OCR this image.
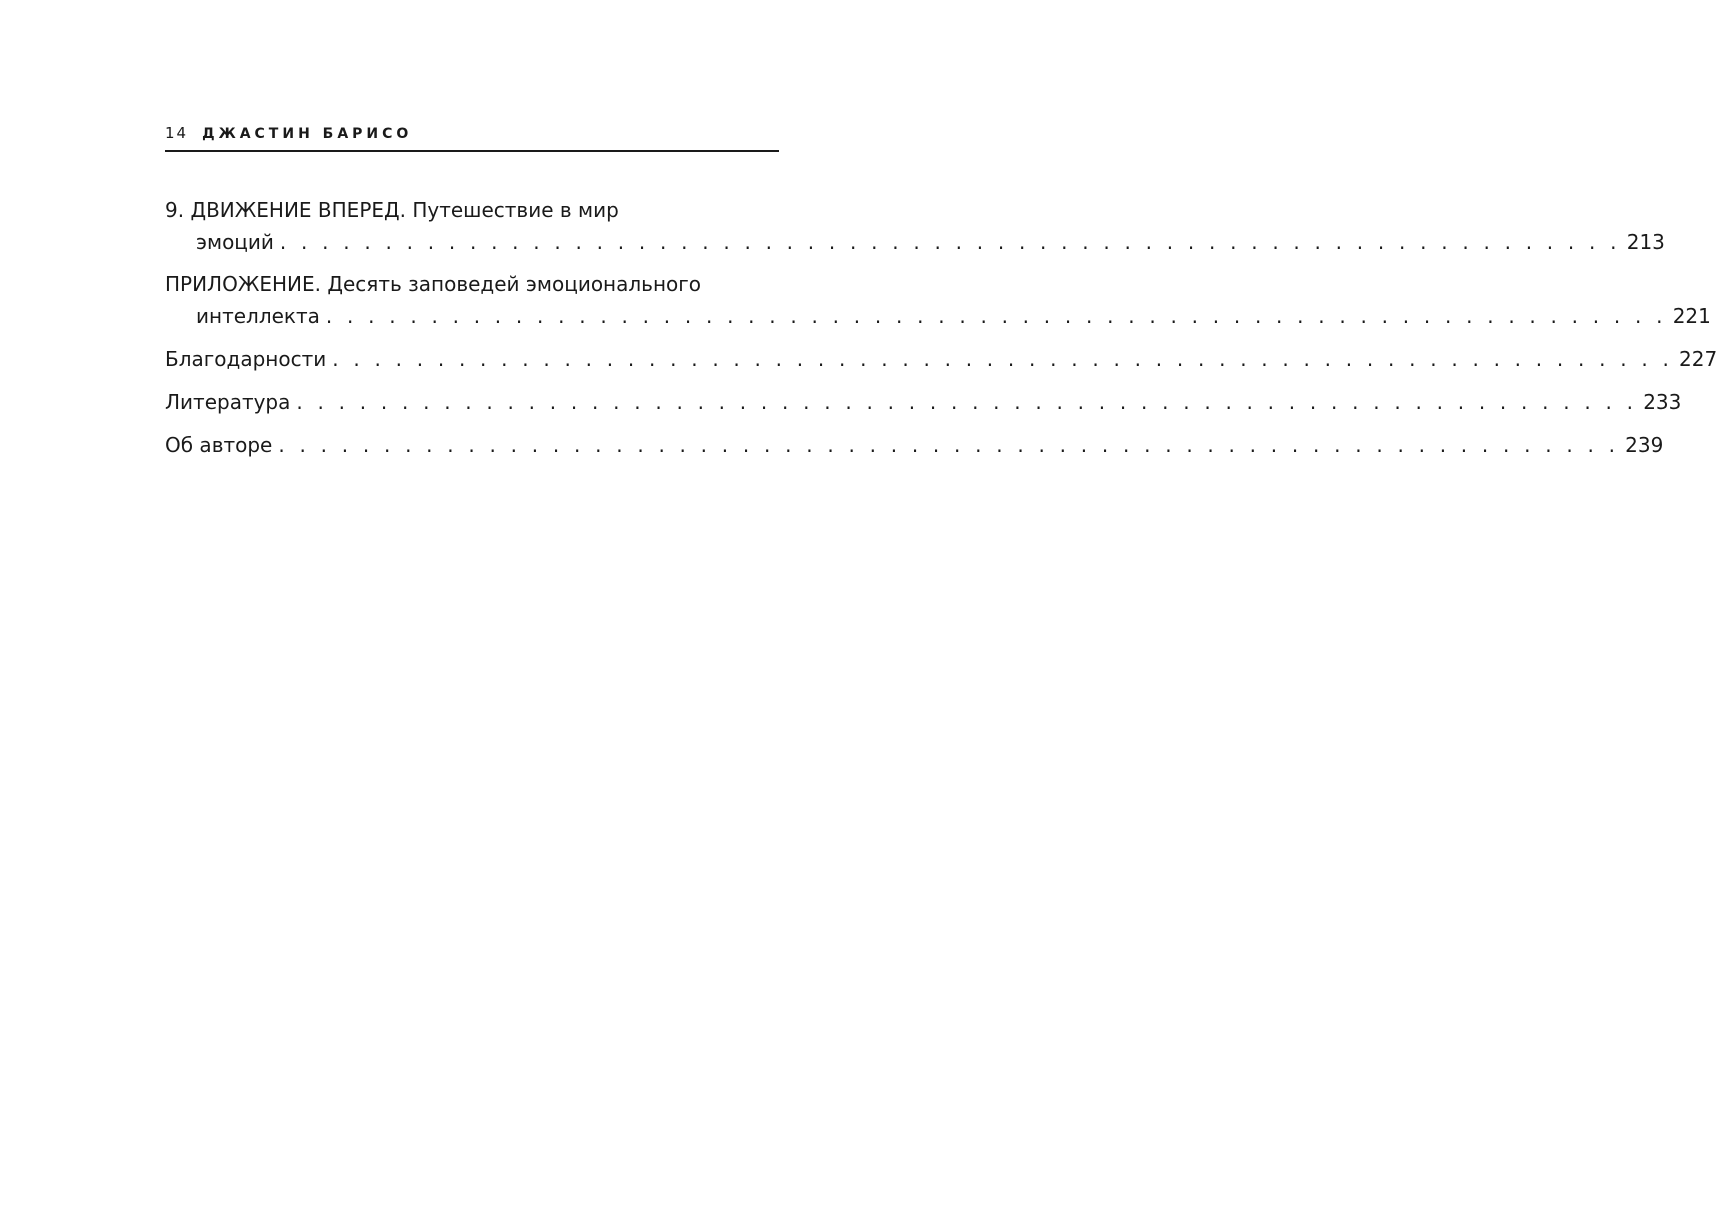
14 ДЖАСТИН БАРИСО
9. ДВИЖЕНИЕ ВПЕРЕД. Путешествие в мир
эмоций . . . . . . . . . . . . . . . . . . . . . . . . . . . . . . . . . . . . . . . . . . . . . . . . . . . . . . . . . . . . . . . . 213
ПРИЛОЖЕНИЕ. Десять заповедей эмоционального
интеллекта . . . . . . . . . . . . . . . . . . . . . . . . . . . . . . . . . . . . . . . . . . . . . . . . . . . . . . . . . . . . . . . . 221
Благодарности . . . . . . . . . . . . . . . . . . . . . . . . . . . . . . . . . . . . . . . . . . . . . . . . . . . . . . . . . . . . . . . . 227
Литература . . . . . . . . . . . . . . . . . . . . . . . . . . . . . . . . . . . . . . . . . . . . . . . . . . . . . . . . . . . . . . . . 233
Об авторе . . . . . . . . . . . . . . . . . . . . . . . . . . . . . . . . . . . . . . . . . . . . . . . . . . . . . . . . . . . . . . . . 239
